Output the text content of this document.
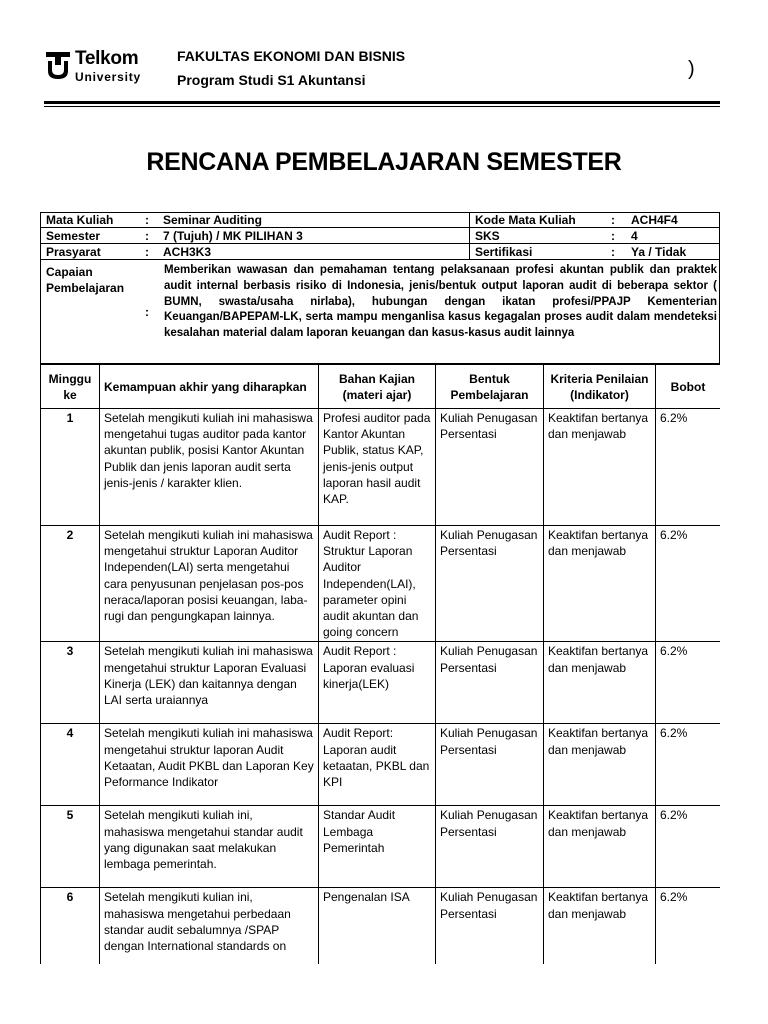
Telkom
University
FAKULTAS EKONOMI DAN BISNIS
Program Studi S1 Akuntansi	)
RENCANA PEMBELAJARAN SEMESTER
Mata Kuliah	: Seminar Auditing	Kode Mata Kuliah	: ACH4F4
Semester	: 7 (Tujuh) / MK PILIHAN 3	SKS	: 4
Prasyarat	: ACH3K3	Sertifikasi	: Ya / Tidak
Capaian
Pembelajaran
:
Memberikan wawasan dan pemahaman tentang pelaksanaan profesi akuntan publik dan praktek audit internal berbasis risiko di Indonesia, jenis/bentuk output laporan audit di beberapa sektor ( BUMN, swasta/usaha nirlaba), hubungan dengan ikatan profesi/PPAJP Kementerian Keuangan/BAPEPAM-LK, serta mampu menganlisa kasus kegagalan proses audit dalam mendeteksi kesalahan material dalam laporan keuangan dan kasus-kasus audit lainnya
Minggu ke	Kemampuan akhir yang diharapkan	Bahan Kajian (materi ajar)	Bentuk Pembelajaran	Kriteria Penilaian (Indikator)	Bobot
1	Setelah mengikuti kuliah ini mahasiswa mengetahui tugas auditor pada kantor akuntan publik, posisi Kantor Akuntan Publik dan jenis laporan audit serta jenis-jenis / karakter klien.	Profesi auditor pada Kantor Akuntan Publik, status KAP, jenis-jenis output laporan hasil audit KAP.	Kuliah Penugasan Persentasi	Keaktifan bertanya dan menjawab	6.2%
2	Setelah mengikuti kuliah ini mahasiswa mengetahui struktur Laporan Auditor Independen(LAI) serta mengetahui cara penyusunan penjelasan pos-pos neraca/laporan posisi keuangan, laba-rugi dan pengungkapan lainnya.	Audit Report : Struktur Laporan Auditor Independen(LAI), parameter opini audit akuntan dan going concern	Kuliah Penugasan Persentasi	Keaktifan bertanya dan menjawab	6.2%
3	Setelah mengikuti kuliah ini mahasiswa mengetahui struktur Laporan Evaluasi Kinerja (LEK) dan kaitannya dengan LAI serta uraiannya	Audit Report : Laporan evaluasi kinerja(LEK)	Kuliah Penugasan Persentasi	Keaktifan bertanya dan menjawab	6.2%
4	Setelah mengikuti kuliah ini mahasiswa mengetahui struktur laporan Audit Ketaatan, Audit PKBL dan Laporan Key Peformance Indikator	Audit Report: Laporan audit ketaatan, PKBL dan KPI	Kuliah Penugasan Persentasi	Keaktifan bertanya dan menjawab	6.2%
5	Setelah mengikuti kuliah ini, mahasiswa mengetahui standar audit yang digunakan saat melakukan lembaga pemerintah.	Standar Audit Lembaga Pemerintah	Kuliah Penugasan Persentasi	Keaktifan bertanya dan menjawab	6.2%
6	Setelah mengikuti kulian ini, mahasiswa mengetahui perbedaan standar audit sebalumnya /SPAP dengan International standards on	Pengenalan ISA	Kuliah Penugasan Persentasi	Keaktifan bertanya dan menjawab	6.2%
